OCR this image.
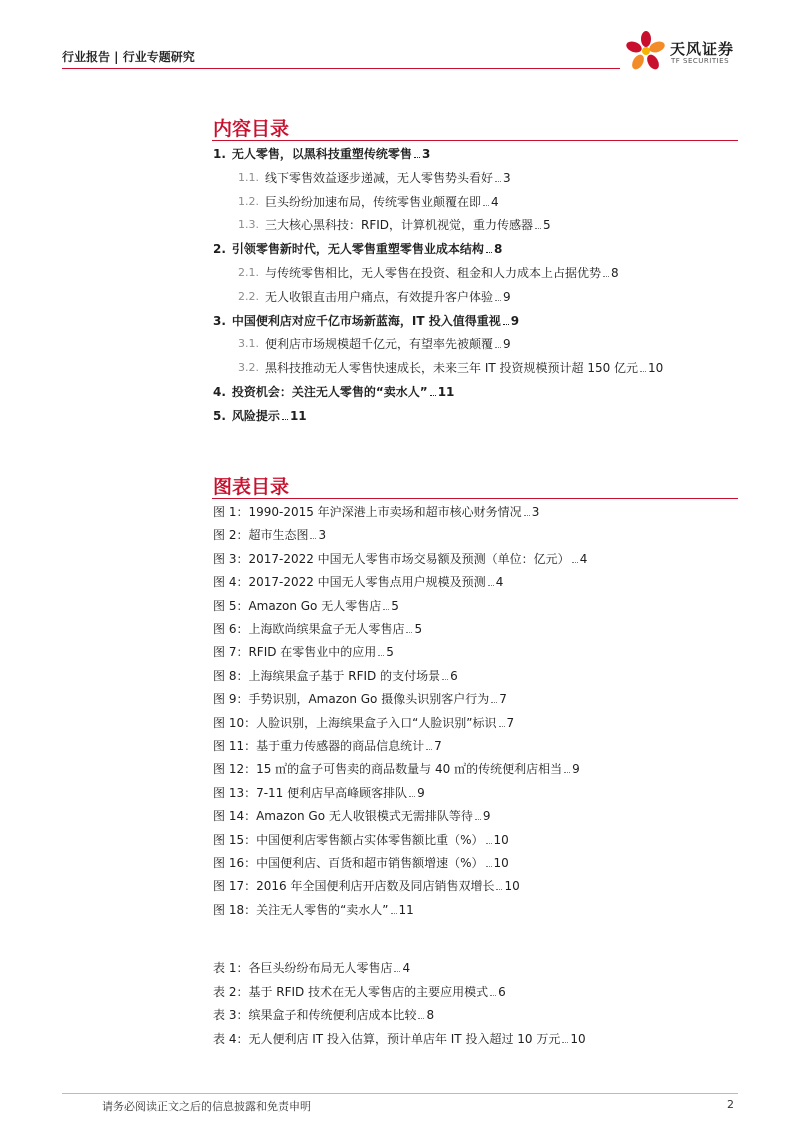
行业报告 | 行业专题研究	天风证券
TF SECURITIES
内容目录
图表目录
1. 无人零售，以黑科技重塑传统零售 3
1.1. 线下零售效益逐步递减，无人零售势头看好 3
1.2. 巨头纷纷加速布局，传统零售业颠覆在即 4
1.3. 三大核心黑科技：RFID，计算机视觉，重力传感器 5
2. 引领零售新时代，无人零售重塑零售业成本结构 8
2.1. 与传统零售相比，无人零售在投资、租金和人力成本上占据优势 8
2.2. 无人收银直击用户痛点，有效提升客户体验 9
3. 中国便利店对应千亿市场新蓝海，IT 投入值得重视 9
3.1. 便利店市场规模超千亿元，有望率先被颠覆 9
3.2. 黑科技推动无人零售快速成长，未来三年 IT 投资规模预计超 150 亿元 10
4. 投资机会：关注无人零售的“卖水人” 11
5. 风险提示 11
图 1：1990-2015 年沪深港上市卖场和超市核心财务情况 3
图 2：超市生态图 3
图 3：2017-2022 中国无人零售市场交易额及预测（单位：亿元） 4
图 4：2017-2022 中国无人零售点用户规模及预测 4
图 5：Amazon Go 无人零售店 5
图 6：上海欧尚缤果盒子无人零售店 5
图 7：RFID 在零售业中的应用 5
图 8：上海缤果盒子基于 RFID 的支付场景 6
图 9：手势识别，Amazon Go 摄像头识别客户行为 7
图 10：人脸识别，上海缤果盒子入口“人脸识别”标识 7
图 11：基于重力传感器的商品信息统计 7
图 12：15 ㎡的盒子可售卖的商品数量与 40 ㎡的传统便利店相当 9
图 13：7-11 便利店早高峰顾客排队 9
图 14：Amazon Go 无人收银模式无需排队等待 9
图 15：中国便利店零售额占实体零售额比重（%） 10
图 16：中国便利店、百货和超市销售额增速（%） 10
图 17：2016 年全国便利店开店数及同店销售双增长 10
图 18：关注无人零售的“卖水人” 11
表 1：各巨头纷纷布局无人零售店 4
表 2：基于 RFID 技术在无人零售店的主要应用模式 6
表 3：缤果盒子和传统便利店成本比较 8
表 4：无人便利店 IT 投入估算，预计单店年 IT 投入超过 10 万元 10
请务必阅读正文之后的信息披露和免责申明	2
